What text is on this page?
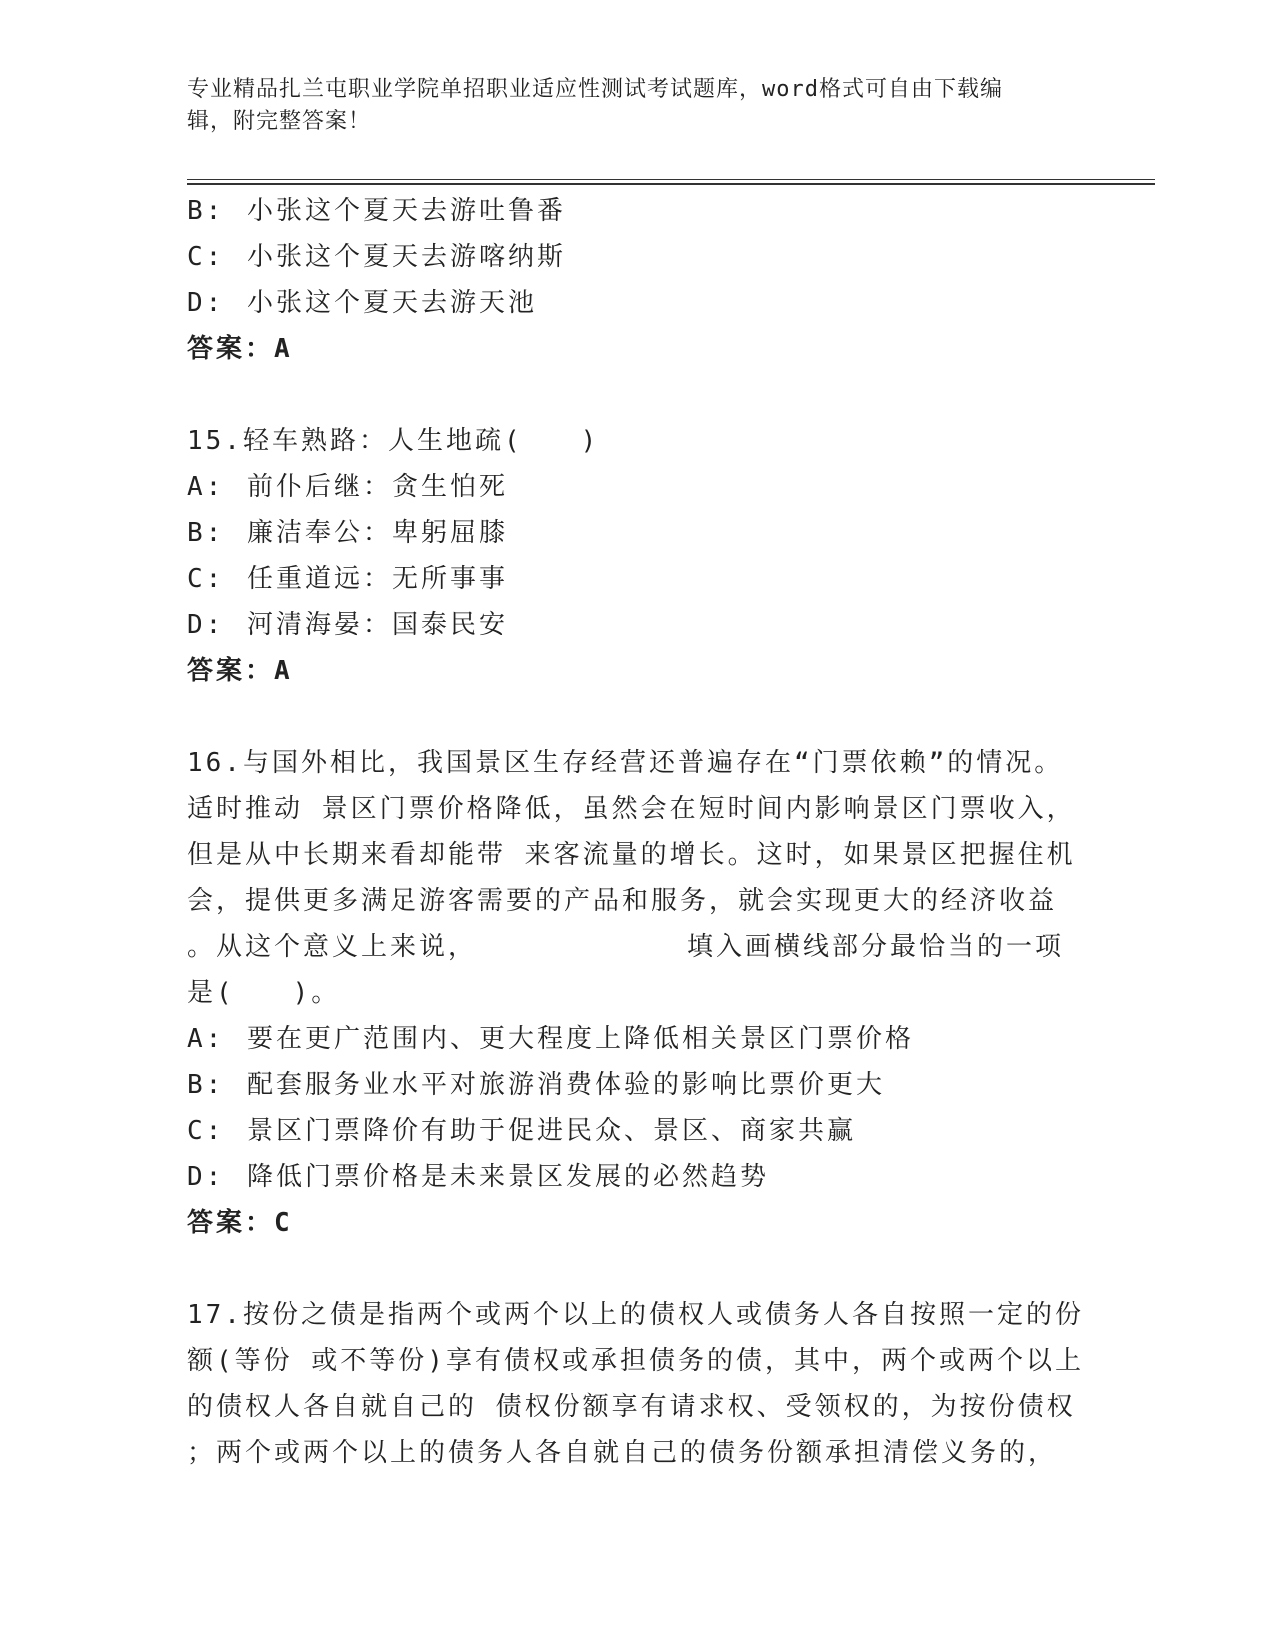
专业精品扎兰屯职业学院单招职业适应性测试考试题库，word格式可自由下载编
辑，附完整答案！
B: 小张这个夏天去游吐鲁番
C: 小张这个夏天去游喀纳斯
D: 小张这个夏天去游天池
答案：A
15.轻车熟路：人生地疏(　　)
A: 前仆后继：贪生怕死
B: 廉洁奉公：卑躬屈膝
C: 任重道远：无所事事
D: 河清海晏：国泰民安
答案：A
16.与国外相比，我国景区生存经营还普遍存在“门票依赖”的情况。
适时推动 景区门票价格降低，虽然会在短时间内影响景区门票收入，
但是从中长期来看却能带 来客流量的增长。这时，如果景区把握住机
会，提供更多满足游客需要的产品和服务，就会实现更大的经济收益
。从这个意义上来说，	填入画横线部分最恰当的一项
是(　　)。
A: 要在更广范围内、更大程度上降低相关景区门票价格
B: 配套服务业水平对旅游消费体验的影响比票价更大
C: 景区门票降价有助于促进民众、景区、商家共赢
D: 降低门票价格是未来景区发展的必然趋势
答案：C
17.按份之债是指两个或两个以上的债权人或债务人各自按照一定的份
额(等份 或不等份)享有债权或承担债务的债，其中，两个或两个以上
的债权人各自就自己的 债权份额享有请求权、受领权的，为按份债权
；两个或两个以上的债务人各自就自己的债务份额承担清偿义务的，
